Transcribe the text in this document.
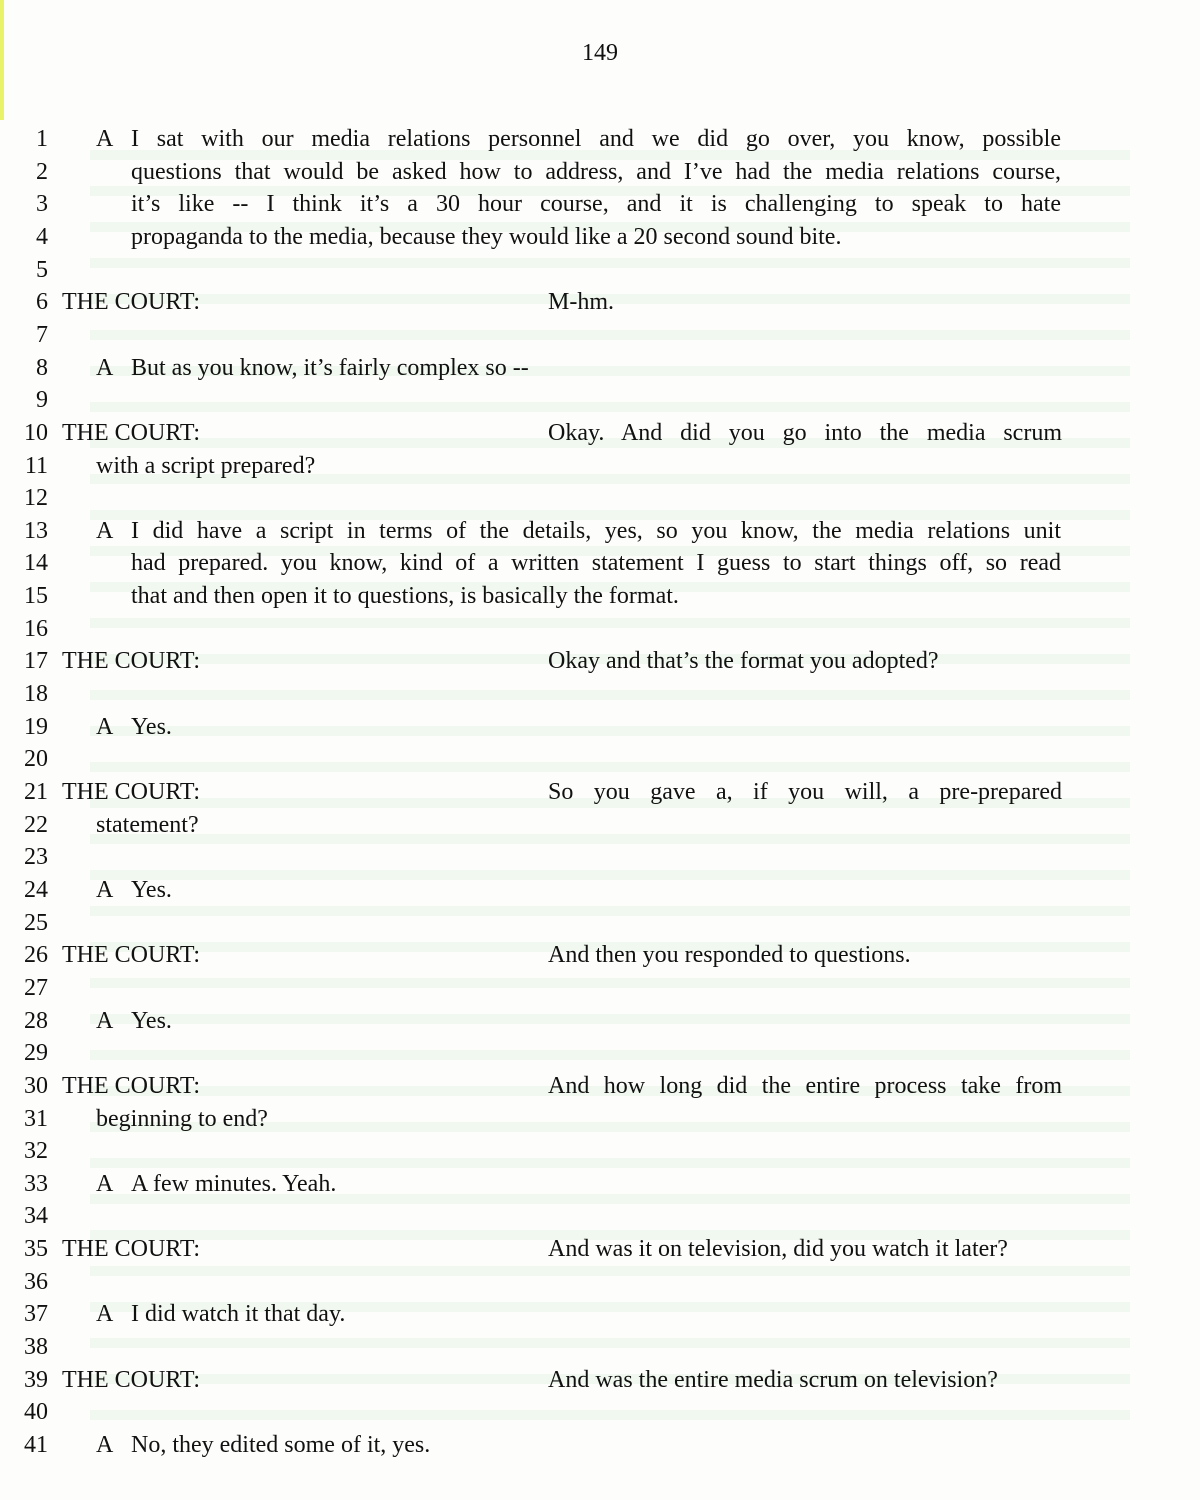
149
1 A I sat with our media relations personnel and we did go over, you know, possible
2	questions that would be asked how to address, and I’ve had the media relations course,
3	it’s like -- I think it’s a 30 hour course, and it is challenging to speak to hate
4	propaganda to the media, because they would like a 20 second sound bite.
5
6 THE COURT:	M-hm.
7
8 A But as you know, it’s fairly complex so --
9
10 THE COURT:	Okay. And did you go into the media scrum
11 with a script prepared?
12
13 A I did have a script in terms of the details, yes, so you know, the media relations unit
14	had prepared. you know, kind of a written statement I guess to start things off, so read
15	that and then open it to questions, is basically the format.
16
17 THE COURT:	Okay and that’s the format you adopted?
18
19 A Yes.
20
21 THE COURT:	So you gave a, if you will, a pre-prepared
22 statement?
23
24 A Yes.
25
26 THE COURT:	And then you responded to questions.
27
28 A Yes.
29
30 THE COURT:	And how long did the entire process take from
31 beginning to end?
32
33 A A few minutes. Yeah.
34
35 THE COURT:	And was it on television, did you watch it later?
36
37 A I did watch it that day.
38
39 THE COURT:	And was the entire media scrum on television?
40
41 A No, they edited some of it, yes.
